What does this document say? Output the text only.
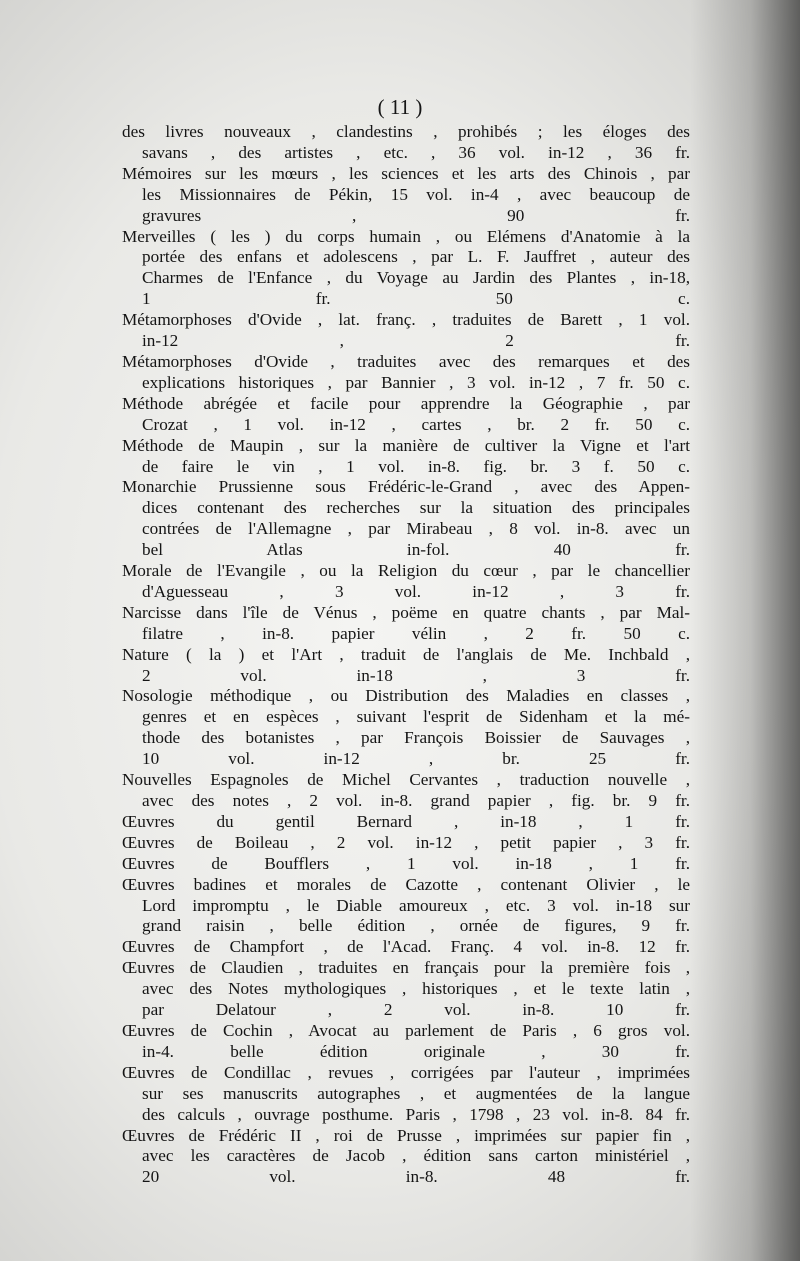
( 11 )
des livres nouveaux , clandestins , prohibés ; les éloges des
savans , des artistes , etc. , 36 vol. in-12 , 36 fr.
Mémoires sur les mœurs , les sciences et les arts des Chinois , par
les Missionnaires de Pékin, 15 vol. in-4 , avec beaucoup de
gravures , 90 fr.
Merveilles ( les ) du corps humain , ou Elémens d'Anatomie à la
portée des enfans et adolescens , par L. F. Jauffret , auteur des
Charmes de l'Enfance , du Voyage au Jardin des Plantes , in-18,
1 fr. 50 c.
Métamorphoses d'Ovide , lat. franç. , traduites de Barett , 1 vol.
in-12 , 2 fr.
Métamorphoses d'Ovide , traduites avec des remarques et des
explications historiques , par Bannier , 3 vol. in-12 , 7 fr. 50 c.
Méthode abrégée et facile pour apprendre la Géographie , par
Crozat , 1 vol. in-12 , cartes , br. 2 fr. 50 c.
Méthode de Maupin , sur la manière de cultiver la Vigne et l'art
de faire le vin , 1 vol. in-8. fig. br. 3 f. 50 c.
Monarchie Prussienne sous Frédéric-le-Grand , avec des Appen-
dices contenant des recherches sur la situation des principales
contrées de l'Allemagne , par Mirabeau , 8 vol. in-8. avec un
bel Atlas in-fol. 40 fr.
Morale de l'Evangile , ou la Religion du cœur , par le chancellier
d'Aguesseau , 3 vol. in-12 , 3 fr.
Narcisse dans l'île de Vénus , poëme en quatre chants , par Mal-
filatre , in-8. papier vélin , 2 fr. 50 c.
Nature ( la ) et l'Art , traduit de l'anglais de Me. Inchbald ,
2 vol. in-18 , 3 fr.
Nosologie méthodique , ou Distribution des Maladies en classes ,
genres et en espèces , suivant l'esprit de Sidenham et la mé-
thode des botanistes , par François Boissier de Sauvages ,
10 vol. in-12 , br. 25 fr.
Nouvelles Espagnoles de Michel Cervantes , traduction nouvelle ,
avec des notes , 2 vol. in-8. grand papier , fig. br. 9 fr.
Œuvres du gentil Bernard , in-18 , 1 fr.
Œuvres de Boileau , 2 vol. in-12 , petit papier , 3 fr.
Œuvres de Boufflers , 1 vol. in-18 , 1 fr.
Œuvres badines et morales de Cazotte , contenant Olivier , le
Lord impromptu , le Diable amoureux , etc. 3 vol. in-18 sur
grand raisin , belle édition , ornée de figures, 9 fr.
Œuvres de Champfort , de l'Acad. Franç. 4 vol. in-8. 12 fr.
Œuvres de Claudien , traduites en français pour la première fois ,
avec des Notes mythologiques , historiques , et le texte latin ,
par Delatour , 2 vol. in-8. 10 fr.
Œuvres de Cochin , Avocat au parlement de Paris , 6 gros vol.
in-4. belle édition originale , 30 fr.
Œuvres de Condillac , revues , corrigées par l'auteur , imprimées
sur ses manuscrits autographes , et augmentées de la langue
des calculs , ouvrage posthume. Paris , 1798 , 23 vol. in-8. 84 fr.
Œuvres de Frédéric II , roi de Prusse , imprimées sur papier fin ,
avec les caractères de Jacob , édition sans carton ministériel ,
20 vol. in-8. 48 fr.
